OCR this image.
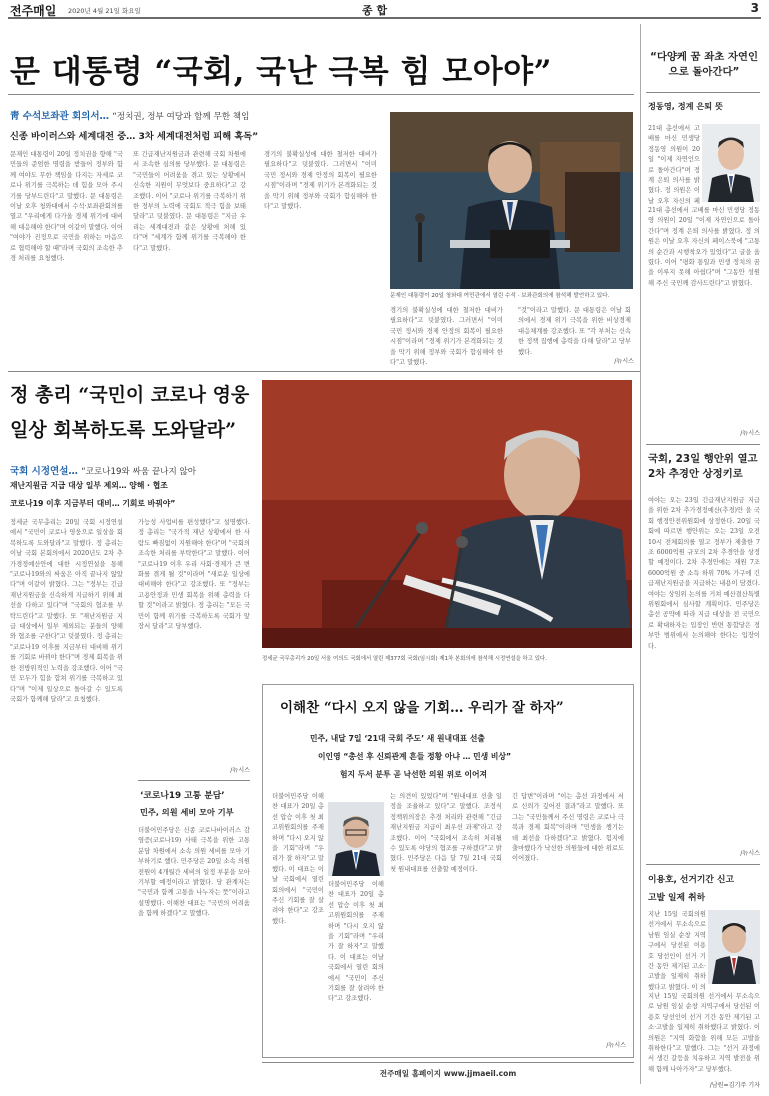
전주매일 2020년 4월 21일 화요일	종 합	3
문 대통령 “국회, 국난 극복 힘 모아야”
靑 수석보좌관 회의서… “정치권, 정부 여당과 함께 무한 책임
신종 바이러스와 세계대전 중… 3차 세계대전처럼 피해 혹독”
문재인 대통령이 20일 정치권을 향해 "국민들의 준엄한 명령을 받들어 정부와 함께 여야도 무한 책임을 다지는 자세로 코로나 위기를 극복하는 데 힘을 모아 주시기를 당부드린다"고 말했다. 문 대통령은 이날 오후 청와대에서 수석·보좌관회의를 열고 "우리에게 다가올 경제 위기에 대비해 대응해야 한다"며 이같이 말했다. 이어 "여야가 진정으로 국민을 위하는 마음으로 협력해야 할 때"라며 국회의 조속한 추경 처리를 요청했다.
또 긴급재난지원금과 관련해 국회 차원에서 조속한 심의를 당부했다. 문 대통령은 "국민들이 어려움을 겪고 있는 상황에서 신속한 지원이 무엇보다 중요하다"고 강조했다. 이어 "코로나 위기를 극복하기 위한 정부의 노력에 국회도 적극 힘을 보태 달라"고 덧붙였다. 문 대통령은 "지금 우리는 세계대전과 같은 상황에 처해 있다"며 "세계가 함께 위기를 극복해야 한다"고 말했다.
경기의 불확실성에 대한 철저한 대비가 필요하다"고 덧붙였다. 그러면서 "이미 국민 정서와 경제 안정의 회복이 필요한 시점"이라며 "경제 위기가 본격화되는 것을 막기 위해 정부와 국회가 합심해야 한다"고 말했다.
문재인 대통령이 20일 청와대 여민관에서 열린 수석 · 보좌관회의에 참석해 발언하고 있다.
경기의 불확실성에 대한 철저한 대비가 필요하다"고 덧붙였다. 그러면서 "이미 국민 정서와 경제 안정의 회복이 필요한 시점"이라며 "경제 위기가 본격화되는 것을 막기 위해 정부와 국회가 합심해야 한다"고 말했다.
"것"이라고 말했다. 문 대통령은 이날 회의에서 경제 위기 극복을 위한 비상경제 대응체계를 강조했다. 또 "각 부처는 신속한 정책 집행에 총력을 다해 달라"고 당부했다.
/뉴시스
“다양케 꿈 좌초 자연인으로 돌아간다”
정동영, 정계 은퇴 뜻
21대 총선에서 고배를 마신 민생당 정동영 의원이 20일 "이제 자연인으로 돌아간다"며 정계 은퇴 의사를 밝혔다. 정 의원은 이날 오후 자신의 페
21대 총선에서 고배를 마신 민생당 정동영 의원이 20일 "이제 자연인으로 돌아간다"며 정계 은퇴 의사를 밝혔다. 정 의원은 이날 오후 자신의 페이스북에 "고통의 순간과 시행착오가 있었다"고 글을 올렸다. 이어 "평화 통일과 민생 정치의 꿈을 이루지 못해 아쉽다"며 "그동안 성원해 주신 국민께 감사드린다"고 밝혔다.
/뉴시스
정 총리 “국민이 코로나 영웅
일상 회복하도록 도와달라”
국회 시정연설… “코로나19와 싸움 끝나지 않아
재난지원금 지급 대상 일부 제외… 양해 · 협조
코로나19 이후 지금부터 대비… 기회로 바꿔야”
정세균 국무총리는 20일 국회 시정연설에서 "국민이 코로나 영웅으로 일상을 회복하도록 도와달라"고 말했다. 정 총리는 이날 국회 본회의에서 2020년도 2차 추가경정예산안에 대한 시정연설을 통해 "코로나19와의 싸움은 아직 끝나지 않았다"며 이같이 밝혔다. 그는 "정부는 긴급재난지원금을 신속하게 지급하기 위해 최선을 다하고 있다"며 "국회의 협조를 부탁드린다"고 말했다. 또 "재난지원금 지급 대상에서 일부 제외되는 분들의 양해와 협조를 구한다"고 덧붙였다. 정 총리는 "코로나19 이후를 지금부터 대비해 위기를 기회로 바꿔야 한다"며 경제 회복을 위한 전방위적인 노력을 강조했다. 이어 "국민 모두가 힘을 합쳐 위기를 극복하고 있다"며 "이제 일상으로 돌아갈 수 있도록 국회가 함께해 달라"고 요청했다.
가능성 사업비를 편성했다"고 설명했다. 정 총리는 "국가적 재난 상황에서 한 사람도 빠짐없이 지원해야 한다"며 "국회의 조속한 처리를 부탁한다"고 말했다. 이어 "코로나19 이후 우리 사회·경제가 큰 변화를 겪게 될 것"이라며 "새로운 일상에 대비해야 한다"고 강조했다. 또 "정부는 고용안정과 민생 회복을 위해 총력을 다할 것"이라고 밝혔다. 정 총리는 "모든 국민이 함께 위기를 극복하도록 국회가 앞장서 달라"고 당부했다.
/뉴시스
정세균 국무총리가 20일 서울 여의도 국회에서 열린 제377회 국회(임시회) 제1차 본회의에 참석해 시정연설을 하고 있다.
‘코로나19 고통 분담’
민주, 의원 세비 모아 기부
더불어민주당은 신종 코로나바이러스 감염증(코로나19) 사태 극복을 위한 고통 분담 차원에서 소속 의원 세비를 모아 기부하기로 했다. 민주당은 20일 소속 의원 전원이 4개월간 세비의 일정 부분을 모아 기부할 예정이라고 밝혔다. 당 관계자는 "국민과 함께 고통을 나누자는 뜻"이라고 설명했다. 이해찬 대표는 "국민의 어려움을 함께 하겠다"고 말했다.
이해찬 “다시 오지 않을 기회… 우리가 잘 하자”
민주, 내달 7일 ‘21대 국회 주도’ 새 원내대표 선출
이인영 “총선 후 신뢰관계 흔들 정황 아냐 … 민생 비상”
험지 두서 분투 곧 낙선한 의원 위로 이어져
더불어민주당 이해찬 대표가 20일 총선 압승 이후 첫 최고위원회의를 주재하며 "다시 오지 않을 기회"라며 "우리가 잘 하자"고 말했다. 이 대표는 이날 국회에서 열린 회의에서 "국민이 주신 기회를 잘 살려야 한다"고 강조했다.
더불어민주당 이해찬 대표가 20일 총선 압승 이후 첫 최고위원회의를 주재하며 "다시 오지 않을 기회"라며 "우리가 잘 하자"고 말했다. 이 대표는 이날 국회에서 열린 회의에서 "국민이 주신 기회를 잘 살려야 한다"고 강조했다.
는 의견이 있었다"며 "원내대표 선출 일정을 조율하고 있다"고 말했다. 조정식 정책위의장은 추경 처리와 관련해 "긴급재난지원금 지급이 최우선 과제"라고 강조했다. 이어 "국회에서 조속히 처리될 수 있도록 야당의 협조를 구하겠다"고 밝혔다. 민주당은 다음 달 7일 21대 국회 첫 원내대표를 선출할 예정이다.
긴 답변"이라며 "이는 총선 과정에서 서로 신뢰가 깊어진 결과"라고 말했다. 또 그는 "국민들께서 주신 명령은 코로나 극복과 경제 회복"이라며 "민생을 챙기는 데 최선을 다하겠다"고 밝혔다. 험지에 출마했다가 낙선한 의원들에 대한 위로도 이어졌다.
/뉴시스
국회, 23일 행안위 열고 2차 추경안 상정키로
여야는 오는 23일 긴급재난지원금 지급을 위한 2차 추가경정예산(추경)안 을 국회 행정안전위원회에 상정한다. 20일 국회에 따르면 행안위는 오는 23일 오전 10시 전체회의를 열고 정부가 제출한 7조 6000억원 규모의 2차 추경안을 상정할 예정이다. 2차 추경안에는 재원 7조 6000억원 중 소득 하위 70% 가구에 긴급재난지원금을 지급하는 내용이 담겼다. 여야는 상임위 논의를 거쳐 예산결산특별위원회에서 심사할 계획이다. 민주당은 총선 공약에 따라 지급 대상을 전 국민으로 확대하자는 입장인 반면 통합당은 정부안 범위에서 논의해야 한다는 입장이다.
/뉴시스
이용호, 선거기간 신고
고발 일제 취하
지난 15일 국회의원 선거에서 무소속으로 남원 임실 순창 지역구에서 당선된 이용호 당선인이 선거 기간 동안 제기된 고소·고발을 일제히 취하했다고 밝혔다. 이 의
지난 15일 국회의원 선거에서 무소속으로 남원 임실 순창 지역구에서 당선된 이용호 당선인이 선거 기간 동안 제기된 고소·고발을 일제히 취하했다고 밝혔다. 이 의원은 "지역 화합을 위해 모든 고발을 취하한다"고 말했다. 그는 "선거 과정에서 생긴 갈등을 치유하고 지역 발전을 위해 함께 나아가자"고 당부했다.
/남원=김기주 기자
전주매일 홈페이지 www.jjmaeil.com
